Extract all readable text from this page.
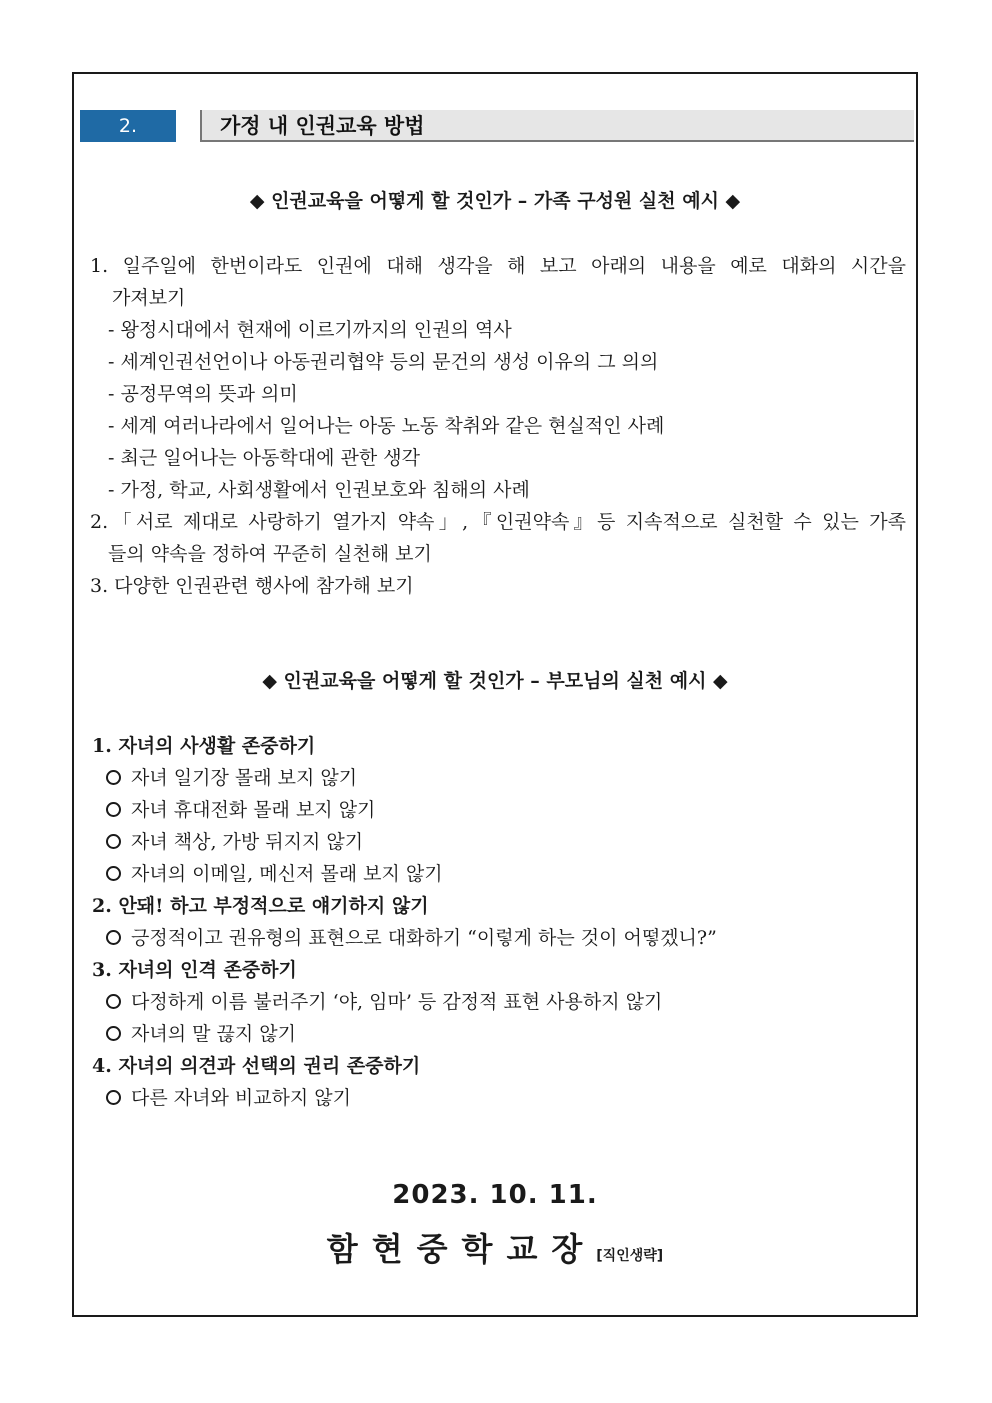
2.	가정 내 인권교육 방법
◆ 인권교육을 어떻게 할 것인가 – 가족 구성원 실천 예시 ◆
1. 일주일에 한번이라도 인권에 대해 생각을 해 보고 아래의 내용을 예로 대화의 시간을
가져보기
- 왕정시대에서 현재에 이르기까지의 인권의 역사
- 세계인권선언이나 아동권리협약 등의 문건의 생성 이유의 그 의의
- 공정무역의 뜻과 의미
- 세계 여러나라에서 일어나는 아동 노동 착취와 같은 현실적인 사례
- 최근 일어나는 아동학대에 관한 생각
- 가정, 학교, 사회생활에서 인권보호와 침해의 사례
2.「서로 제대로 사랑하기 열가지 약속」,『인권약속』등 지속적으로 실천할 수 있는 가족
들의 약속을 정하여 꾸준히 실천해 보기
3. 다양한 인권관련 행사에 참가해 보기
◆ 인권교육을 어떻게 할 것인가 – 부모님의 실천 예시 ◆
1. 자녀의 사생활 존중하기
자녀 일기장 몰래 보지 않기
자녀 휴대전화 몰래 보지 않기
자녀 책상, 가방 뒤지지 않기
자녀의 이메일, 메신저 몰래 보지 않기
2. 안돼! 하고 부정적으로 얘기하지 않기
긍정적이고 권유형의 표현으로 대화하기 “이렇게 하는 것이 어떻겠니?”
3. 자녀의 인격 존중하기
다정하게 이름 불러주기 ‘야, 임마’ 등 감정적 표현 사용하지 않기
자녀의 말 끊지 않기
4. 자녀의 의견과 선택의 권리 존중하기
다른 자녀와 비교하지 않기
2023. 10. 11.
함현중학교장[직인생략]
